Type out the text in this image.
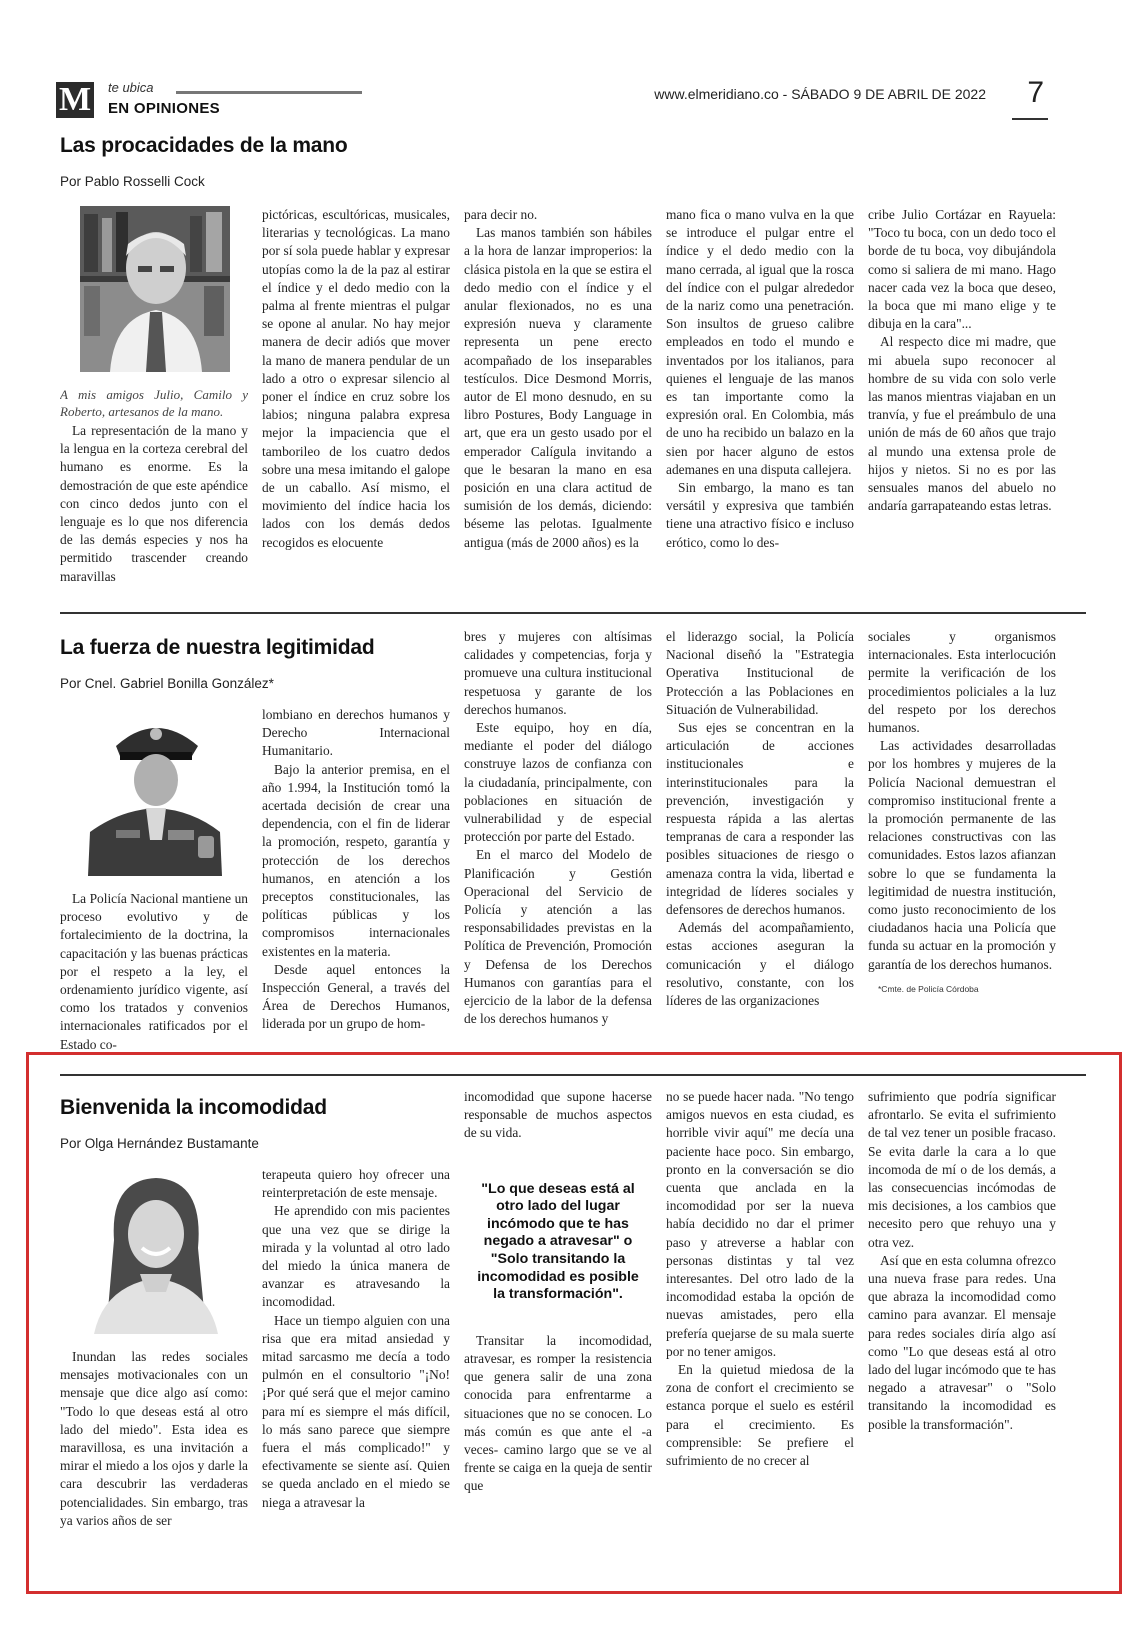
M te ubica
EN OPINIONES
www.elmeridiano.co - SÁBADO 9 DE ABRIL DE 2022 7
Las procacidades de la mano
Por Pablo Rosselli Cock
A mis amigos Julio, Camilo y Roberto, artesanos de la mano.

La representación de la mano y la lengua en la corteza cerebral del humano es enorme. Es la demostración de que este apéndice con cinco dedos junto con el lenguaje es lo que nos diferencia de las demás especies y nos ha permitido trascender creando maravillas

pictóricas, escultóricas, musicales, literarias y tecnológicas. La mano por sí sola puede hablar y expresar utopías como la de la paz al estirar el índice y el dedo medio con la palma al frente mientras el pulgar se opone al anular. No hay mejor manera de decir adiós que mover la mano de manera pendular de un lado a otro o expresar silencio al poner el índice en cruz sobre los labios; ninguna palabra expresa mejor la impaciencia que el tamborileo de los cuatro dedos sobre una mesa imitando el galope de un caballo. Así mismo, el movimiento del índice hacia los lados con los demás dedos recogidos es elocuente

para decir no.

Las manos también son hábiles a la hora de lanzar improperios: la clásica pistola en la que se estira el dedo medio con el índice y el anular flexionados, no es una expresión nueva y claramente representa un pene erecto acompañado de los inseparables testículos. Dice Desmond Morris, autor de El mono desnudo, en su libro Postures, Body Language in art, que era un gesto usado por el emperador Calígula invitando a que le besaran la mano en esa posición en una clara actitud de sumisión de los demás, diciendo: bésemе las pelotas. Igualmente antigua (más de 2000 años) es la

mano fica o mano vulva en la que se introduce el pulgar entre el índice y el dedo medio con la mano cerrada, al igual que la rosca del índice con el pulgar alrededor de la nariz como una penetración. Son insultos de grueso calibre empleados en todo el mundo e inventados por los italianos, para quienes el lenguaje de las manos es tan importante como la expresión oral. En Colombia, más de uno ha recibido un balazo en la sien por hacer alguno de estos ademanes en una disputa callejera.

Sin embargo, la mano es tan versátil y expresiva que también tiene una atractivo físico e incluso erótico, como lo des-

cribe Julio Cortázar en Rayuela: "Toco tu boca, con un dedo toco el borde de tu boca, voy dibujándola como si saliera de mi mano. Hago nacer cada vez la boca que deseo, la boca que mi mano elige y te dibuja en la cara"...

Al respecto dice mi madre, que mi abuela supo reconocer al hombre de su vida con solo verle las manos mientras viajaban en un tranvía, y fue el preámbulo de una unión de más de 60 años que trajo al mundo una extensa prole de hijos y nietos. Si no es por las sensuales manos del abuelo no andaría garrapateando estas letras.

La fuerza de nuestra legitimidad
Por Cnel. Gabriel Bonilla González*

La Policía Nacional mantiene un proceso evolutivo y de fortalecimiento de la doctrina, la capacitación y las buenas prácticas por el respeto a la ley, el ordenamiento jurídico vigente, así como los tratados y convenios internacionales ratificados por el Estado co-

lombiano en derechos humanos y Derecho Internacional Humanitario.

Bajo la anterior premisa, en el año 1.994, la Institución tomó la acertada decisión de crear una dependencia, con el fin de liderar la promoción, respeto, garantía y protección de los derechos humanos, en atención a los preceptos constitucionales, las políticas públicas y los compromisos internacionales existentes en la materia.

Desde aquel entonces la Inspección General, a través del Área de Derechos Humanos, liderada por un grupo de hom-

bres y mujeres con altísimas calidades y competencias, forja y promueve una cultura institucional respetuosa y garante de los derechos humanos.

Este equipo, hoy en día, mediante el poder del diálogo construye lazos de confianza con la ciudadanía, principalmente, con poblaciones en situación de vulnerabilidad y de especial protección por parte del Estado.

En el marco del Modelo de Planificación y Gestión Operacional del Servicio de Policía y atención a las responsabilidades previstas en la Política de Prevención, Promoción y Defensa de los Derechos Humanos con garantías para el ejercicio de la labor de la defensa de los derechos humanos y

el liderazgo social, la Policía Nacional diseñó la "Estrategia Operativa Institucional de Protección a las Poblaciones en Situación de Vulnerabilidad.

Sus ejes se concentran en la articulación de acciones institucionales e interinstitucionales para la prevención, investigación y respuesta rápida a las alertas tempranas de cara a responder las posibles situaciones de riesgo o amenaza contra la vida, libertad e integridad de líderes sociales y defensores de derechos humanos.

Además del acompañamiento, estas acciones aseguran la comunicación y el diálogo resolutivo, constante, con los líderes de las organizaciones

sociales y organismos internacionales. Esta interlocución permite la verificación de los procedimientos policiales a la luz del respeto por los derechos humanos.

Las actividades desarrolladas por los hombres y mujeres de la Policía Nacional demuestran el compromiso institucional frente a la promoción permanente de las relaciones constructivas con las comunidades. Estos lazos afianzan sobre lo que se fundamenta la legitimidad de nuestra institución, como justo reconocimiento de los ciudadanos hacia una Policía que funda su actuar en la promoción y garantía de los derechos humanos.

*Cmte. de Policía Córdoba
Bienvenida la incomodidad
Por Olga Hernández Bustamante

Inundan las redes sociales mensajes motivacionales con un mensaje que dice algo así como: "Todo lo que deseas está al otro lado del miedo". Esta idea es maravillosa, es una invitación a mirar el miedo a los ojos y darle la cara descubrir las verdaderas potencialidades. Sin embargo, tras ya varios años de ser

terapeuta quiero hoy ofrecer una reinterpretación de este mensaje.

He aprendido con mis pacientes que una vez que se dirige la mirada y la voluntad al otro lado del miedo la única manera de avanzar es atravesando la incomodidad.

Hace un tiempo alguien con una risa que era mitad ansiedad y mitad sarcasmo me decía a todo pulmón en el consultorio "¡No! ¡Por qué será que el mejor camino para mí es siempre el más difícil, lo más sano parece que siempre fuera el más complicado!" y efectivamente se siente así. Quien se queda anclado en el miedo se niega a atravesar la

incomodidad que supone hacerse responsable de muchos aspectos de su vida.

"Lo que deseas está al otro lado del lugar incómodo que te has negado a atravesar" o "Solo transitando la incomodidad es posible la transformación".

Transitar la incomodidad, atravesar, es romper la resistencia que genera salir de una zona conocida para enfrentarme a situaciones que no se conocen. Lo más común es que ante el -a veces- camino largo que se ve al frente se caiga en la queja de sentir que

no se puede hacer nada. "No tengo amigos nuevos en esta ciudad, es horrible vivir aquí" me decía una paciente hace poco. Sin embargo, pronto en la conversación se dio cuenta que anclada en la incomodidad por ser la nueva había decidido no dar el primer paso y atreverse a hablar con personas distintas y tal vez interesantes. Del otro lado de la incomodidad estaba la opción de nuevas amistades, pero ella prefería quejarse de su mala suerte por no tener amigos.

En la quietud miedosa de la zona de confort el crecimiento se estanca porque el suelo es estéril para el crecimiento. Es comprensible: Se prefiere el sufrimiento de no crecer al

sufrimiento que podría significar afrontarlo. Se evita el sufrimiento de tal vez tener un posible fracaso. Se evita darle la cara a lo que incomoda de mí o de los demás, a las consecuencias incómodas de mis decisiones, a los cambios que necesito pero que rehuyo una y otra vez.

Así que en esta columna ofrezco una nueva frase para redes. Una que abraza la incomodidad como camino para avanzar. El mensaje para redes sociales diría algo así como "Lo que deseas está al otro lado del lugar incómodo que te has negado a atravesar" o "Solo transitando la incomodidad es posible la transformación".
